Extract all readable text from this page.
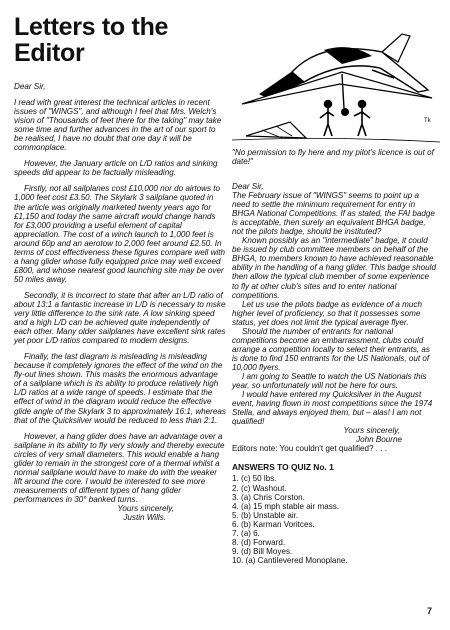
Letters to the Editor
Tk
"No permission to fly here and my pilot's licence is out of date!"

Dear Sir,

I read with great interest the technical articles in recent issues of "WINGS", and although I feel that Mrs. Welch's vision of "Thousands of feet there for the taking" may take some time and further advances in the art of our sport to be realised, I have no doubt that one day it will be commonplace.

However, the January article on L/D ratios and sinking speeds did appear to be factually misleading.

Firstly, not all sailplanes cost £10,000 nor do airtows to 1,000 feet cost £3.50. The Skylark 3 sailplane quoted in the article was originally marketed twenty years ago for £1,150 and today the same aircraft would change hands for £3,000 providing a useful element of capital appreciation. The cost of a winch launch to 1,000 feet is around 60p and an aerotow to 2,000 feet around £2.50. In terms of cost effectiveness these figures compare well with a hang glider whose fully equipped price may well exceed £800, and whose nearest good launching site may be over 50 miles away.

Secondly, it is incorrect to state that after an L/D ratio of about 13:1 a fantastic increase in L/D is necessary to mske very little difference to the sink rate. A low sinking speed and a high L/D can be achieved quite independently of each other. Many older sailplanes have excellent sink rates yet poor L/D ratios compared to modern designs.

Finally, the last diagram is misleading is misleading because it completely ignores the effect of the wind on the fly-out lines shown. This masks the enormous advantage of a sailplane which is its ability to produce relatively high L/D ratios at a wide range of speeds. I estimate that the effect of wind in the diagram would reduce the effective glide angle of the Skylark 3 to approximately 16:1, whereas that of the Quicksilver would be reduced to less than 2:1.

However, a hang glider does have an advantage over a sailplane in its ability to fly very slowly and thereby execute circles of very small diameters. This would enable a hang glider to remain in the strongest core of a thermal whilst a normal sailplane would have to make do with the weaker lift around the core. I would be interested to see more measurements of different types of hang glider performances in 30° banked turns.

Yours sincerely,

Justin Wills.

Dear Sir,

The February issue of "WINGS" seems to point up a need to settle the minimum requirement for entry in BHGA National Competitions. If as stated, the FAI badge is acceptable, then surely an equivalent BHGA badge, not the pilots badge, should be instituted?

Known possibly as an "intermediate" badge, it could be issued by club committee members on behalf of the BHGA, to members known to have achieved reasonable ability in the handling of a hang glider. This badge should then allow the typical club member of some experience to fly at other club's sites and to enter national competitions.

Let us use the pilots badge as evidence of a much higher level of proficiency, so that it possesses some status, yet does not limit the typical average flyer.

Should the number of entrants for national competitions become an embarrassment, clubs could arrange a competition locally to select their entrants, as is done to find 150 entrants for the US Nationals, out of 10,000 flyers.

I am going to Seattle to watch the US Nationals this year, so unfortunately will not be here for ours.

I would have entered my Quicksilver in the August event, having flown in most competitions since the 1974 Stella, and always enjoyed them, but – alas! I am not qualified!

Yours sincerely,

John Bourne

Editors note: You couldn't get qualified? . . .

ANSWERS TO QUIZ No. 1
1. (c) 50 lbs.
2. (c) Washout.
3. (a) Chris Corston.
4. (a) 15 mph stable air mass.
5. (b) Unstable air.
6. (b) Karman Voritces.
7. (a) 6.
8. (d) Forward.
9. (d) Bill Moyes.
10. (a) Cantilevered Monoplane.
7
